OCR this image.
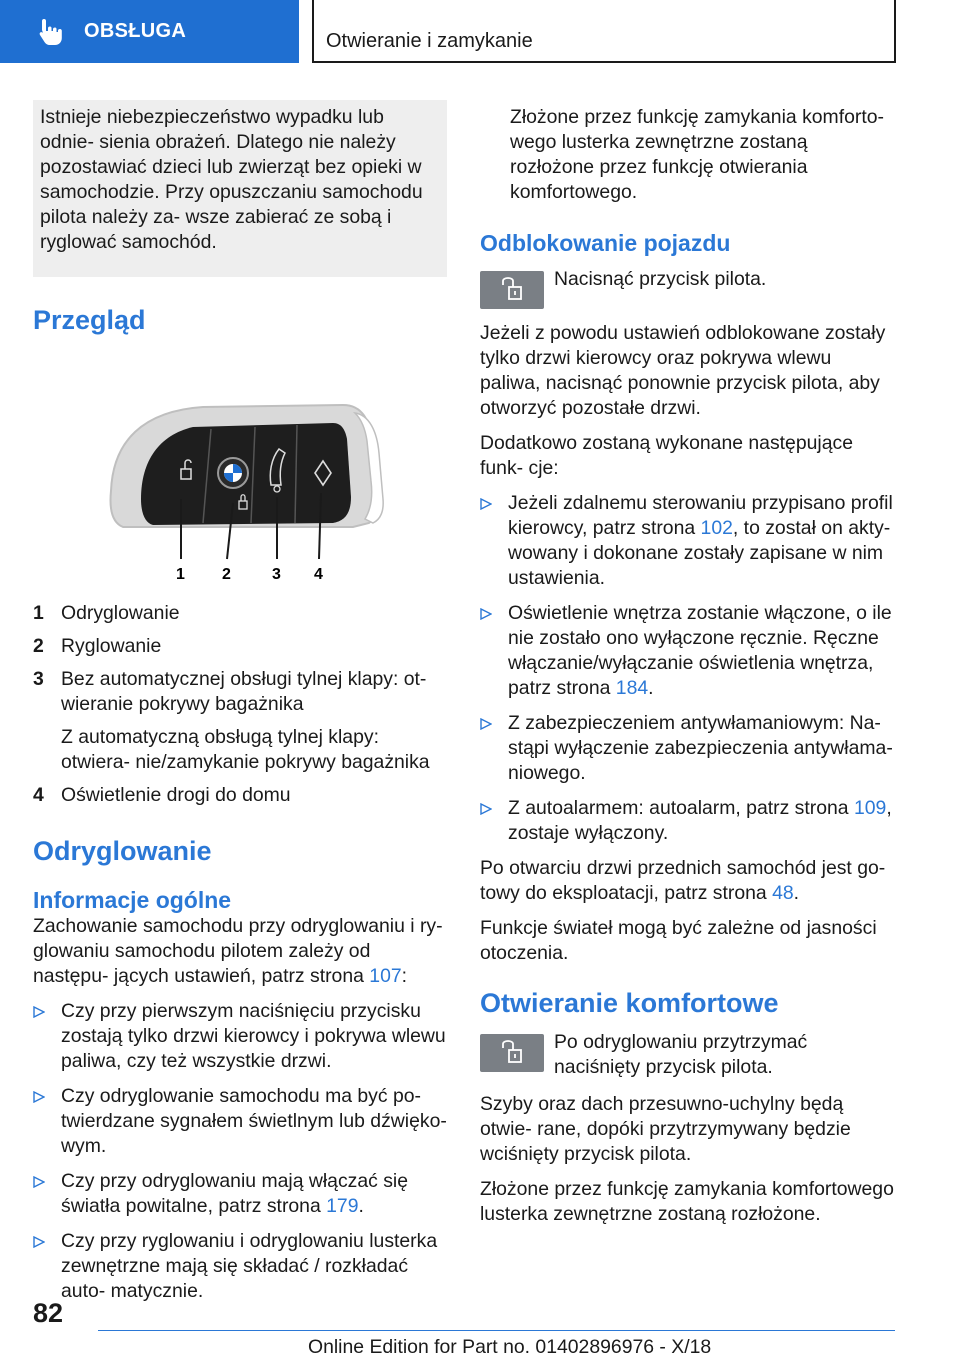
OBSŁUGA	Otwieranie i zamykanie
Istnieje niebezpieczeństwo wypadku lub odnie- sienia obrażeń. Dlatego nie należy pozostawiać dzieci lub zwierząt bez opieki w samochodzie. Przy opuszczaniu samochodu pilota należy za- wsze zabierać ze sobą i ryglować samochód.
Przegląd
1 2	3 4
1 Odryglowanie

2 Ryglowanie

3 Bez automatycznej obsługi tylnej klapy: ot- wieranie pokrywy bagażnika

Z automatyczną obsługą tylnej klapy: otwiera- nie/zamykanie pokrywy bagażnika

4 Oświetlenie drogi do domu

Odryglowanie
Informacje ogólne

Zachowanie samochodu przy odryglowaniu i ry- glowaniu samochodu pilotem zależy od następu- jących ustawień, patrz strona 107:

Czy przy pierwszym naciśnięciu przycisku zostają tylko drzwi kierowcy i pokrywa wlewu paliwa, czy też wszystkie drzwi.
Czy odryglowanie samochodu ma być po- twierdzane sygnałem świetlnym lub dźwięko- wym.
Czy przy odryglowaniu mają włączać się światła powitalne, patrz strona 179.
Czy przy ryglowaniu i odryglowaniu lusterka zewnętrzne mają się składać / rozkładać auto- matycznie.

Złożone przez funkcję zamykania komforto- wego lusterka zewnętrzne zostaną rozłożone przez funkcję otwierania komfortowego.

Odblokowanie pojazdu
Nacisnąć przycisk pilota.

Jeżeli z powodu ustawień odblokowane zostały tylko drzwi kierowcy oraz pokrywa wlewu paliwa, nacisnąć ponownie przycisk pilota, aby otworzyć pozostałe drzwi.

Dodatkowo zostaną wykonane następujące funk- cje:

Jeżeli zdalnemu sterowaniu przypisano profil kierowcy, patrz strona 102, to został on akty- wowany i dokonane zostały zapisane w nim ustawienia.
Oświetlenie wnętrza zostanie włączone, o ile nie zostało ono wyłączone ręcznie. Ręczne włączanie/wyłączanie oświetlenia wnętrza, patrz strona 184.
Z zabezpieczeniem antywłamaniowym: Na- stąpi wyłączenie zabezpieczenia antywłama- niowego.
Z autoalarmem: autoalarm, patrz strona 109, zostaje wyłączony.

Po otwarciu drzwi przednich samochód jest go- towy do eksploatacji, patrz strona 48.

Funkcje świateł mogą być zależne od jasności otoczenia.

Otwieranie komfortowe
Po odryglowaniu przytrzymać naciśnięty przycisk pilota.

Szyby oraz dach przesuwno-uchylny będą otwie- rane, dopóki przytrzymywany będzie wciśnięty przycisk pilota.

Złożone przez funkcję zamykania komfortowego lusterka zewnętrzne zostaną rozłożone.

82
Online Edition for Part no. 01402896976 - X/18
